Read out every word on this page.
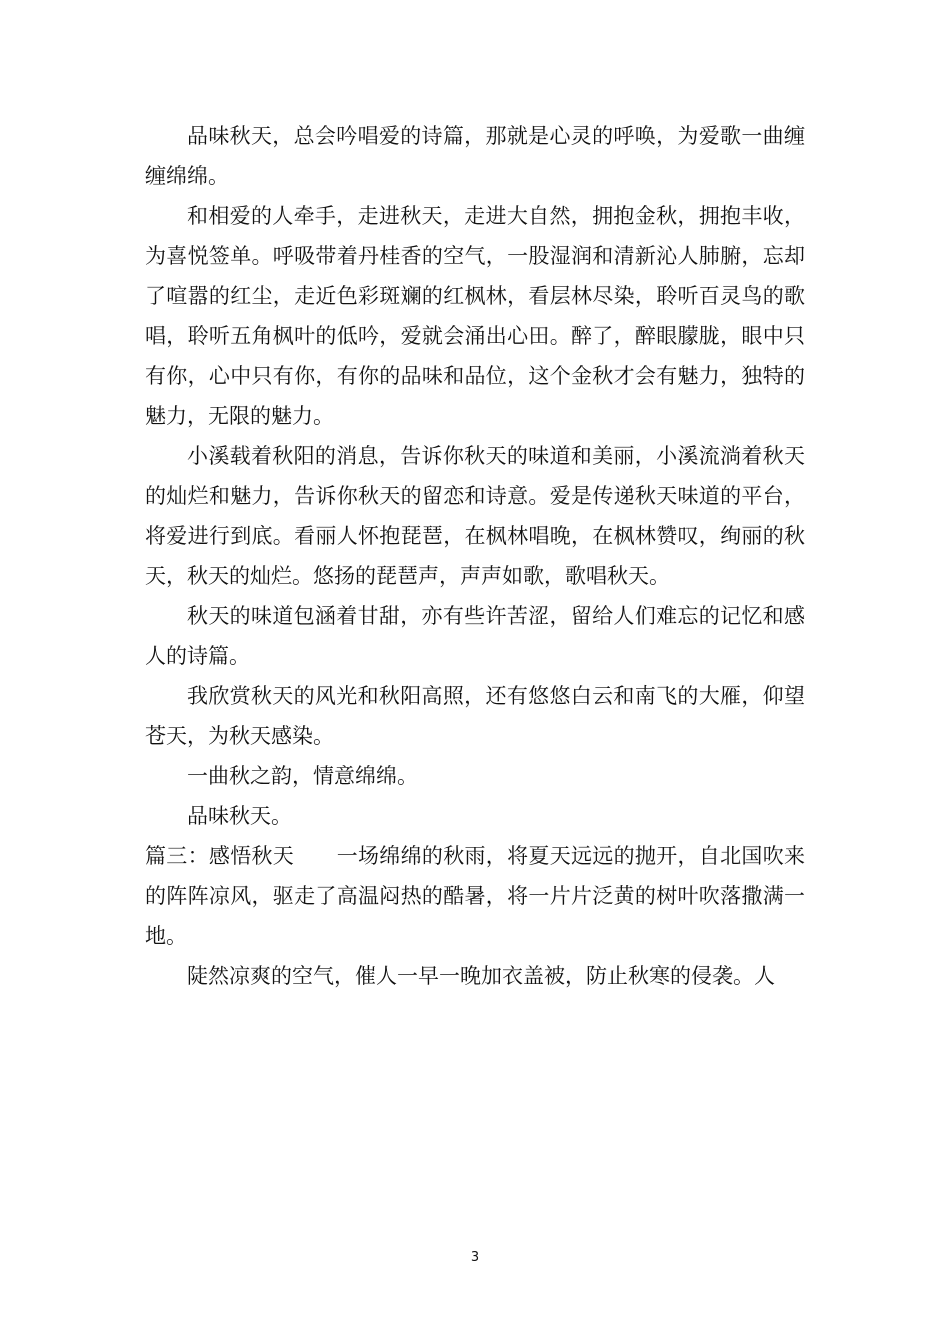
品味秋天，总会吟唱爱的诗篇，那就是心灵的呼唤，为爱歌一曲缠缠绵绵。

和相爱的人牵手，走进秋天，走进大自然，拥抱金秋，拥抱丰收，为喜悦签单。呼吸带着丹桂香的空气，一股湿润和清新沁人肺腑，忘却了喧嚣的红尘，走近色彩斑斓的红枫林，看层林尽染，聆听百灵鸟的歌唱，聆听五角枫叶的低吟，爱就会涌出心田。醉了，醉眼朦胧，眼中只有你，心中只有你，有你的品味和品位，这个金秋才会有魅力，独特的魅力，无限的魅力。

小溪载着秋阳的消息，告诉你秋天的味道和美丽，小溪流淌着秋天的灿烂和魅力，告诉你秋天的留恋和诗意。爱是传递秋天味道的平台，将爱进行到底。看丽人怀抱琵琶，在枫林唱晚，在枫林赞叹，绚丽的秋天，秋天的灿烂。悠扬的琵琶声，声声如歌，歌唱秋天。

秋天的味道包涵着甘甜，亦有些许苦涩，留给人们难忘的记忆和感人的诗篇。

我欣赏秋天的风光和秋阳高照，还有悠悠白云和南飞的大雁，仰望苍天，为秋天感染。

一曲秋之韵，情意绵绵。

品味秋天。

篇三：感悟秋天　　一场绵绵的秋雨，将夏天远远的抛开，自北国吹来的阵阵凉风，驱走了高温闷热的酷暑，将一片片泛黄的树叶吹落撒满一地。

陡然凉爽的空气，催人一早一晚加衣盖被，防止秋寒的侵袭。人

3
